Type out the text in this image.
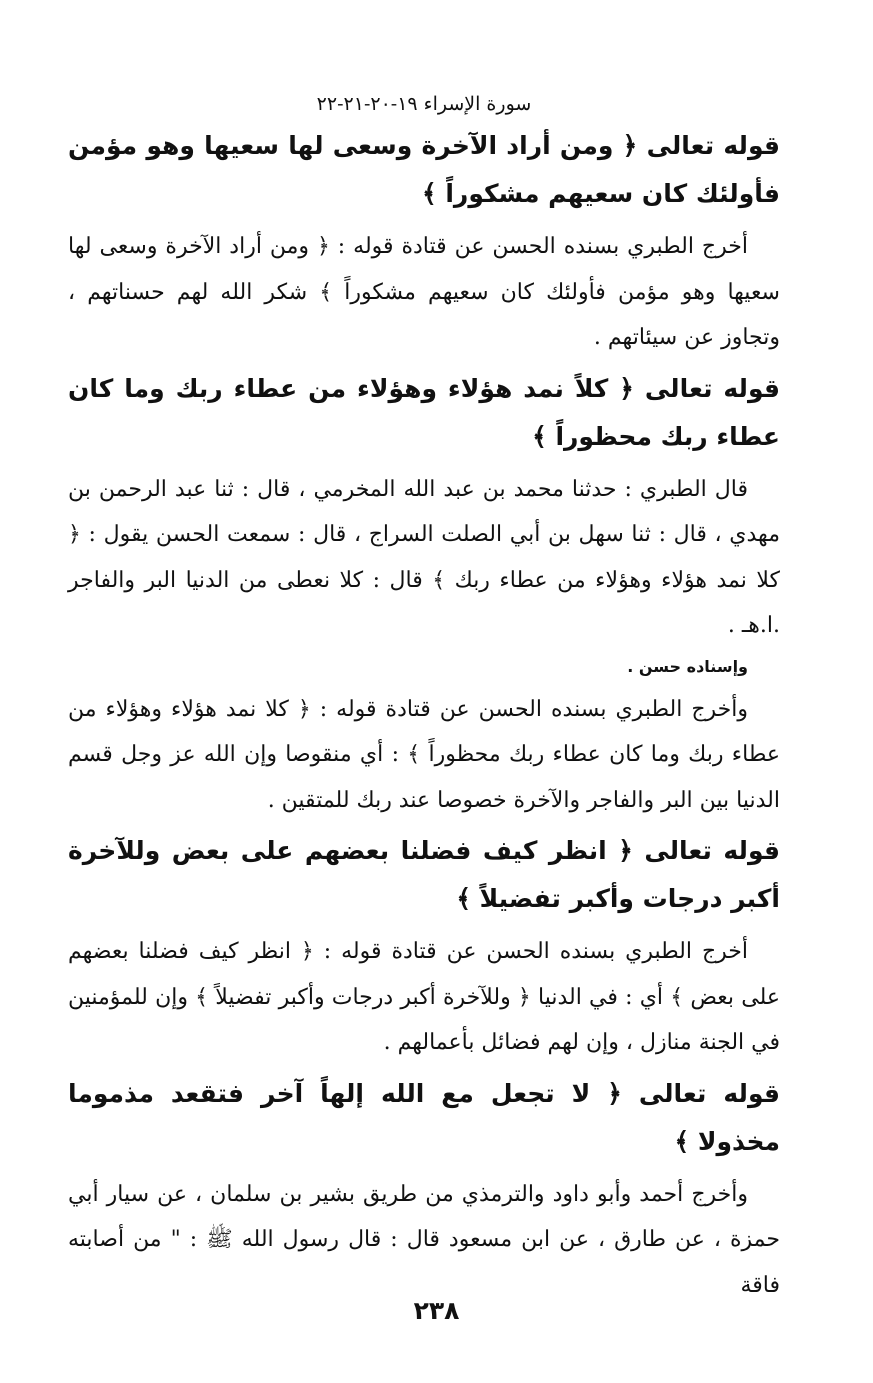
سورة الإسراء ١٩-٢٠-٢١-٢٢

قوله تعالى ﴿ ومن أراد الآخرة وسعى لها سعيها وهو مؤمن فأولئك كان سعيهم مشكوراً ﴾

أخرج الطبري بسنده الحسن عن قتادة قوله : ﴿ ومن أراد الآخرة وسعى لها سعيها وهو مؤمن فأولئك كان سعيهم مشكوراً ﴾ شكر الله لهم حسناتهم ، وتجاوز عن سيئاتهم .

قوله تعالى ﴿ كلاً نمد هؤلاء وهؤلاء من عطاء ربك وما كان عطاء ربك محظوراً ﴾

قال الطبري : حدثنا محمد بن عبد الله المخرمي ، قال : ثنا عبد الرحمن بن مهدي ، قال : ثنا سهل بن أبي الصلت السراج ، قال : سمعت الحسن يقول : ﴿ كلا نمد هؤلاء وهؤلاء من عطاء ربك ﴾ قال : كلا نعطى من الدنيا البر والفاجر .ا.هـ .

وإسناده حسن .

وأخرج الطبري بسنده الحسن عن قتادة قوله : ﴿ كلا نمد هؤلاء وهؤلاء من عطاء ربك وما كان عطاء ربك محظوراً ﴾ : أي منقوصا وإن الله عز وجل قسم الدنيا بين البر والفاجر والآخرة خصوصا عند ربك للمتقين .

قوله تعالى ﴿ انظر كيف فضلنا بعضهم على بعض وللآخرة أكبر درجات وأكبر تفضيلاً ﴾

أخرج الطبري بسنده الحسن عن قتادة قوله : ﴿ انظر كيف فضلنا بعضهم على بعض ﴾ أي : في الدنيا ﴿ وللآخرة أكبر درجات وأكبر تفضيلاً ﴾ وإن للمؤمنين في الجنة منازل ، وإن لهم فضائل بأعمالهم .

قوله تعالى ﴿ لا تجعل مع الله إلهاً آخر فتقعد مذموما مخذولا ﴾

وأخرج أحمد وأبو داود والترمذي من طريق بشير بن سلمان ، عن سيار أبي حمزة ، عن طارق ، عن ابن مسعود قال : قال رسول الله ﷺ : " من أصابته فاقة

٢٣٨
